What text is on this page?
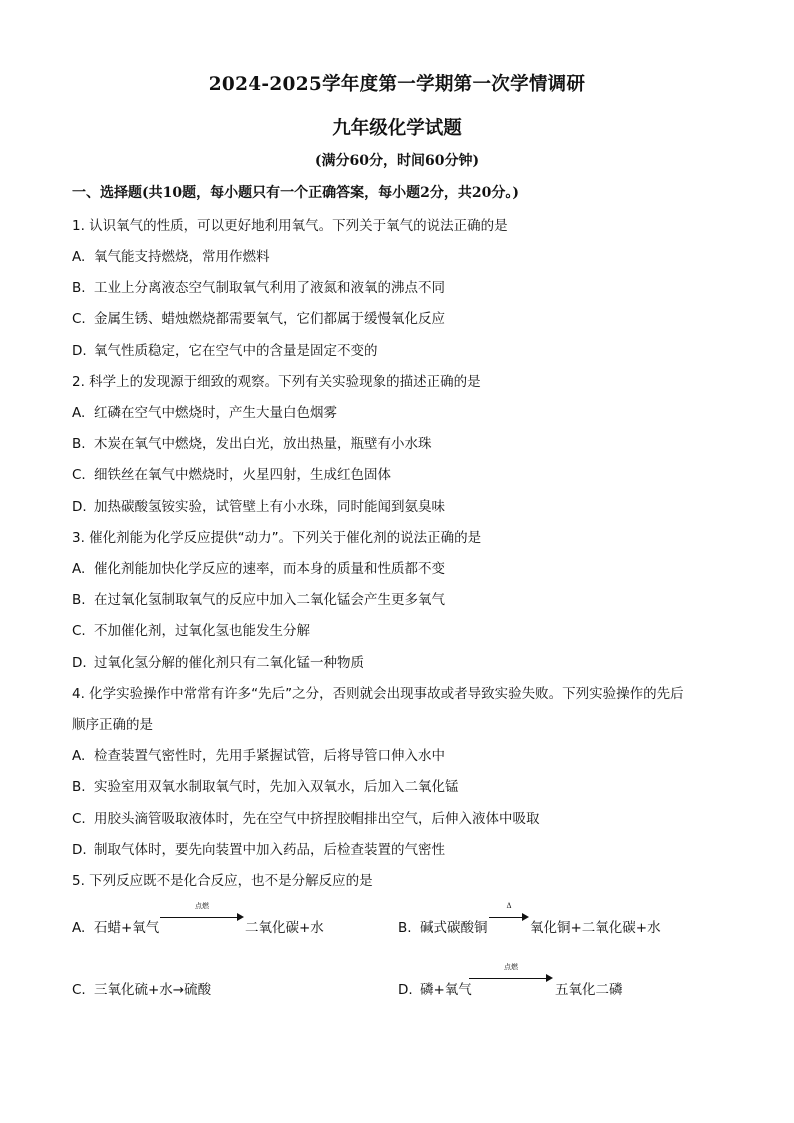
2024-2025学年度第一学期第一次学情调研
九年级化学试题
(满分60分，时间60分钟)
一、选择题(共10题，每小题只有一个正确答案，每小题2分，共20分。)
1. 认识氧气的性质，可以更好地利用氧气。下列关于氧气的说法正确的是
A. 氧气能支持燃烧，常用作燃料
B. 工业上分离液态空气制取氧气利用了液氮和液氧的沸点不同
C. 金属生锈、蜡烛燃烧都需要氧气，它们都属于缓慢氧化反应
D. 氧气性质稳定，它在空气中的含量是固定不变的
2. 科学上的发现源于细致的观察。下列有关实验现象的描述正确的是
A. 红磷在空气中燃烧时，产生大量白色烟雾
B. 木炭在氧气中燃烧，发出白光，放出热量，瓶壁有小水珠
C. 细铁丝在氧气中燃烧时，火星四射，生成红色固体
D. 加热碳酸氢铵实验，试管壁上有小水珠，同时能闻到氨臭味
3. 催化剂能为化学反应提供“动力”。下列关于催化剂的说法正确的是
A. 催化剂能加快化学反应的速率，而本身的质量和性质都不变
B. 在过氧化氢制取氧气的反应中加入二氧化锰会产生更多氧气
C. 不加催化剂，过氧化氢也能发生分解
D. 过氧化氢分解的催化剂只有二氧化锰一种物质
4. 化学实验操作中常常有许多“先后”之分，否则就会出现事故或者导致实验失败。下列实验操作的先后
顺序正确的是
A. 检查装置气密性时，先用手紧握试管，后将导管口伸入水中
B. 实验室用双氧水制取氧气时，先加入双氧水，后加入二氧化锰
C. 用胶头滴管吸取液体时，先在空气中挤捏胶帽排出空气，后伸入液体中吸取
D. 制取气体时，要先向装置中加入药品，后检查装置的气密性
5. 下列反应既不是化合反应，也不是分解反应的是
A. 石蜡+氧气
点燃
二氧化碳+水	B. 碱式碳酸铜
Δ
氧化铜+二氧化碳+水
C. 三氧化硫+水→硫酸	D. 磷+氧气
点燃
五氧化二磷
